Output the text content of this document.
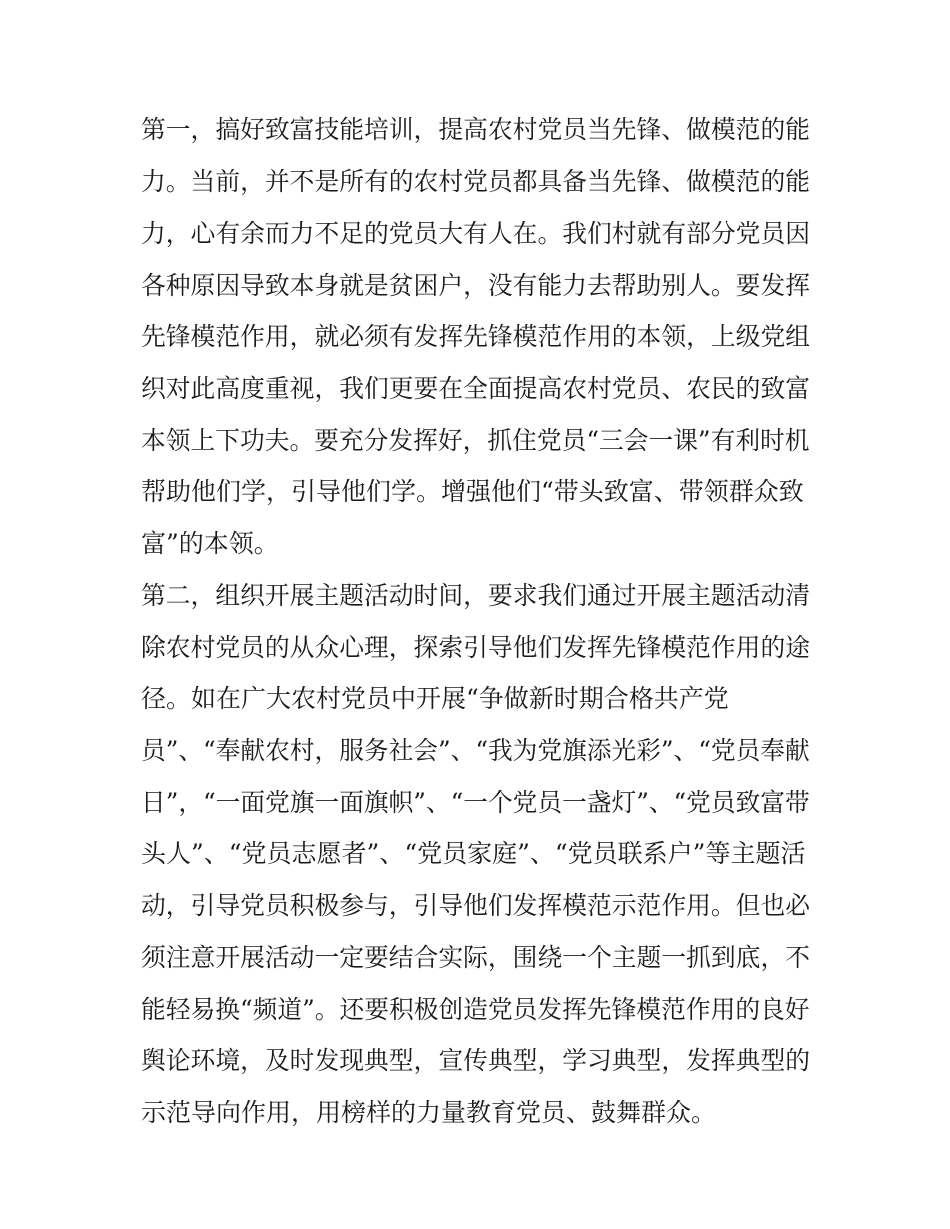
第一，搞好致富技能培训，提高农村党员当先锋、做模范的能

力。当前，并不是所有的农村党员都具备当先锋、做模范的能

力，心有余而力不足的党员大有人在。我们村就有部分党员因

各种原因导致本身就是贫困户，没有能力去帮助别人。要发挥

先锋模范作用，就必须有发挥先锋模范作用的本领，上级党组

织对此高度重视，我们更要在全面提高农村党员、农民的致富

本领上下功夫。要充分发挥好，抓住党员“三会一课”有利时机

帮助他们学，引导他们学。增强他们“带头致富、带领群众致

富”的本领。

第二，组织开展主题活动时间，要求我们通过开展主题活动清

除农村党员的从众心理，探索引导他们发挥先锋模范作用的途

径。如在广大农村党员中开展“争做新时期合格共产党

员”、“奉献农村，服务社会”、“我为党旗添光彩”、“党员奉献

日”，“一面党旗一面旗帜”、“一个党员一盏灯”、“党员致富带

头人”、“党员志愿者”、“党员家庭”、“党员联系户”等主题活

动，引导党员积极参与，引导他们发挥模范示范作用。但也必

须注意开展活动一定要结合实际，围绕一个主题一抓到底，不

能轻易换“频道”。还要积极创造党员发挥先锋模范作用的良好

舆论环境，及时发现典型，宣传典型，学习典型，发挥典型的

示范导向作用，用榜样的力量教育党员、鼓舞群众。
